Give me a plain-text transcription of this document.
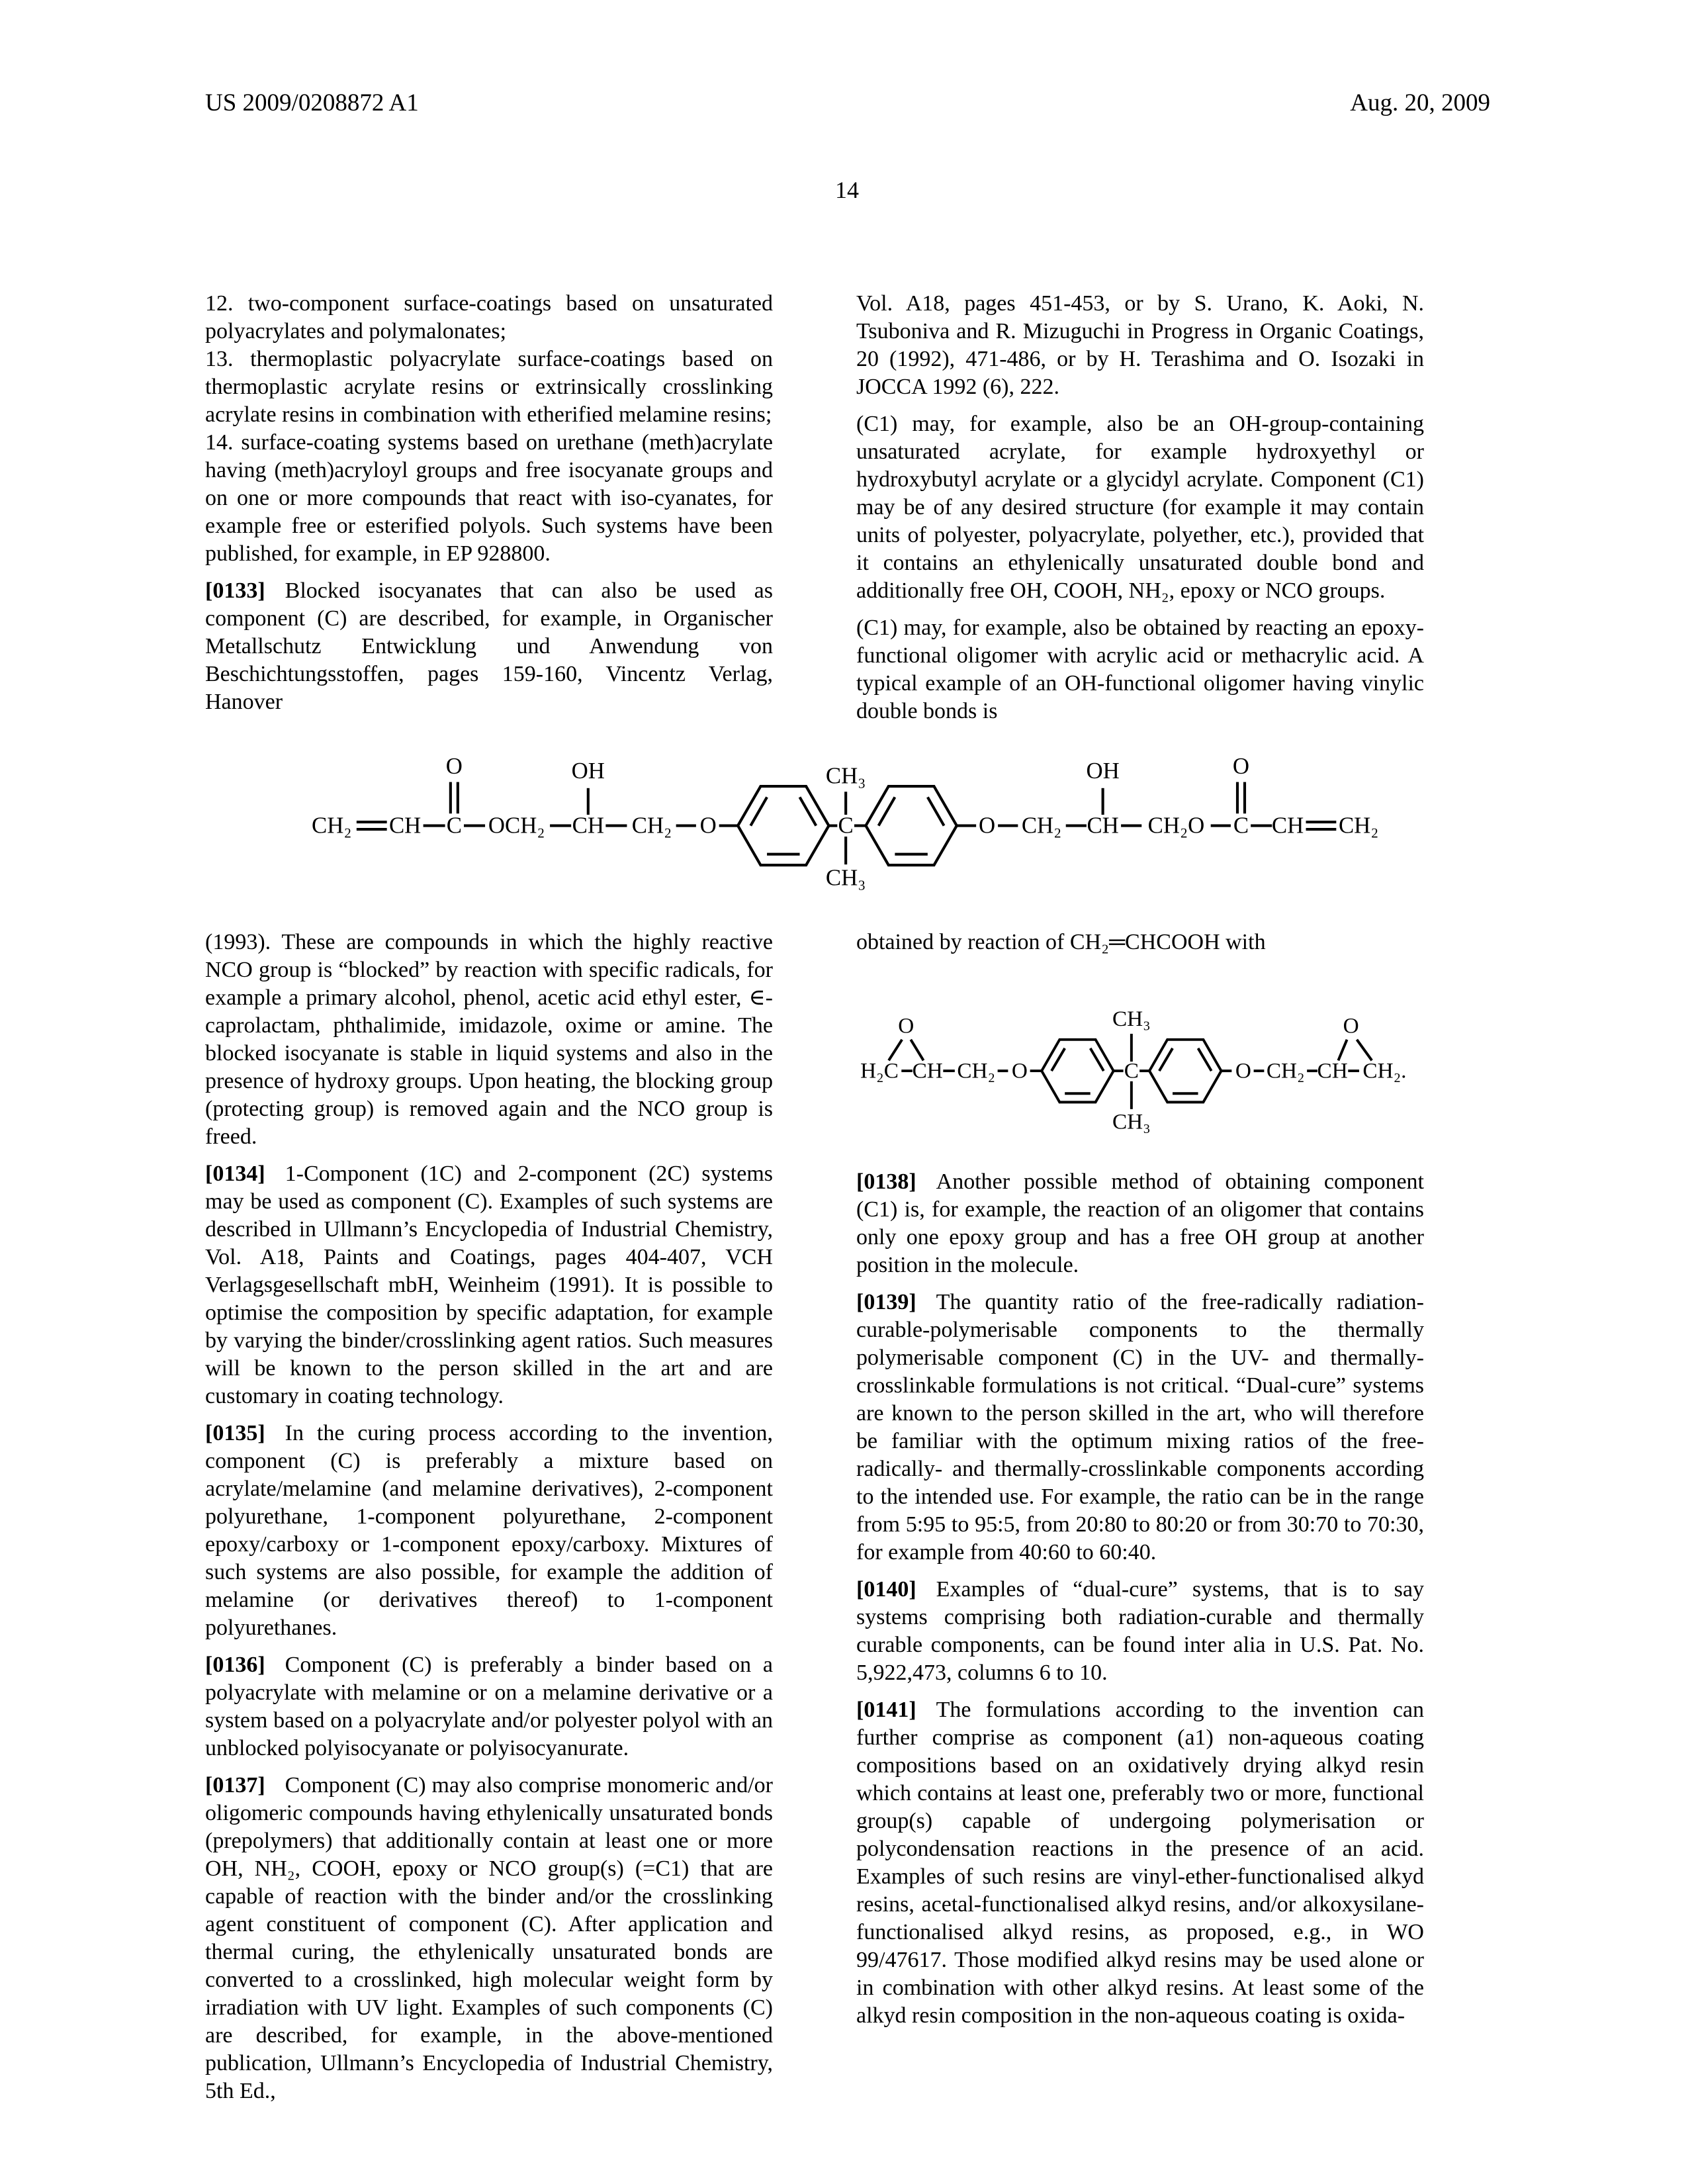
US 2009/0208872 A1	Aug. 20, 2009
14

12. two-component surface-coatings based on unsaturated polyacrylates and polymalonates;

13. thermoplastic polyacrylate surface-coatings based on thermoplastic acrylate resins or extrinsically crosslinking acrylate resins in combination with etherified melamine resins;

14. surface-coating systems based on urethane (meth)acrylate having (meth)acryloyl groups and free isocyanate groups and on one or more compounds that react with iso-cyanates, for example free or esterified polyols. Such systems have been published, for example, in EP 928800.

[0133] Blocked isocyanates that can also be used as component (C) are described, for example, in Organischer Metallschutz Entwicklung und Anwendung von Beschichtungsstoffen, pages 159-160, Vincentz Verlag, Hanover

Vol. A18, pages 451-453, or by S. Urano, K. Aoki, N. Tsuboniva and R. Mizuguchi in Progress in Organic Coatings, 20 (1992), 471-486, or by H. Terashima and O. Isozaki in JOCCA 1992 (6), 222.

(C1) may, for example, also be an OH-group-containing unsaturated acrylate, for example hydroxyethyl or hydroxybutyl acrylate or a glycidyl acrylate. Component (C1) may be of any desired structure (for example it may contain units of polyester, polyacrylate, polyether, etc.), provided that it contains an ethylenically unsaturated double bond and additionally free OH, COOH, NH₂, epoxy or NCO groups.

(C1) may, for example, also be obtained by reacting an epoxy-functional oligomer with acrylic acid or methacrylic acid. A typical example of an OH-functional oligomer having vinylic double bonds is

CH₂ CH C
O
OCH₂ CH
OH
CH₂ O	C
CH₃
CH₃
O CH₂ CH
OH
CH₂O C
O
CH CH₂

(1993). These are compounds in which the highly reactive NCO group is “blocked” by reaction with specific radicals, for example a primary alcohol, phenol, acetic acid ethyl ester, ∈-caprolactam, phthalimide, imidazole, oxime or amine. The blocked isocyanate is stable in liquid systems and also in the presence of hydroxy groups. Upon heating, the blocking group (protecting group) is removed again and the NCO group is freed.

[0134] 1-Component (1C) and 2-component (2C) systems may be used as component (C). Examples of such systems are described in Ullmann’s Encyclopedia of Industrial Chemistry, Vol. A18, Paints and Coatings, pages 404-407, VCH Verlagsgesellschaft mbH, Weinheim (1991). It is possible to optimise the composition by specific adaptation, for example by varying the binder/crosslinking agent ratios. Such measures will be known to the person skilled in the art and are customary in coating technology.

[0135] In the curing process according to the invention, component (C) is preferably a mixture based on acrylate/melamine (and melamine derivatives), 2-component polyurethane, 1-component polyurethane, 2-component epoxy/carboxy or 1-component epoxy/carboxy. Mixtures of such systems are also possible, for example the addition of melamine (or derivatives thereof) to 1-component polyurethanes.

[0136] Component (C) is preferably a binder based on a polyacrylate with melamine or on a melamine derivative or a system based on a polyacrylate and/or polyester polyol with an unblocked polyisocyanate or polyisocyanurate.

[0137] Component (C) may also comprise monomeric and/or oligomeric compounds having ethylenically unsaturated bonds (prepolymers) that additionally contain at least one or more OH, NH₂, COOH, epoxy or NCO group(s) (=C1) that are capable of reaction with the binder and/or the crosslinking agent constituent of component (C). After application and thermal curing, the ethylenically unsaturated bonds are converted to a crosslinked, high molecular weight form by irradiation with UV light. Examples of such components (C) are described, for example, in the above-mentioned publication, Ullmann’s Encyclopedia of Industrial Chemistry, 5th Ed.,

obtained by reaction of CH₂═CHCOOH with

H₂C CH
O
CH₂ O	C
CH₃
CH₃
O CH₂ CH CH₂.
O

[0138] Another possible method of obtaining component (C1) is, for example, the reaction of an oligomer that contains only one epoxy group and has a free OH group at another position in the molecule.

[0139] The quantity ratio of the free-radically radiation-curable-polymerisable components to the thermally polymerisable component (C) in the UV- and thermally-crosslinkable formulations is not critical. “Dual-cure” systems are known to the person skilled in the art, who will therefore be familiar with the optimum mixing ratios of the free-radically- and thermally-crosslinkable components according to the intended use. For example, the ratio can be in the range from 5:95 to 95:5, from 20:80 to 80:20 or from 30:70 to 70:30, for example from 40:60 to 60:40.

[0140] Examples of “dual-cure” systems, that is to say systems comprising both radiation-curable and thermally curable components, can be found inter alia in U.S. Pat. No. 5,922,473, columns 6 to 10.

[0141] The formulations according to the invention can further comprise as component (a1) non-aqueous coating compositions based on an oxidatively drying alkyd resin which contains at least one, preferably two or more, functional group(s) capable of undergoing polymerisation or polycondensation reactions in the presence of an acid. Examples of such resins are vinyl-ether-functionalised alkyd resins, acetal-functionalised alkyd resins, and/or alkoxysilane-functionalised alkyd resins, as proposed, e.g., in WO 99/47617. Those modified alkyd resins may be used alone or in combination with other alkyd resins. At least some of the alkyd resin composition in the non-aqueous coating is oxida-
